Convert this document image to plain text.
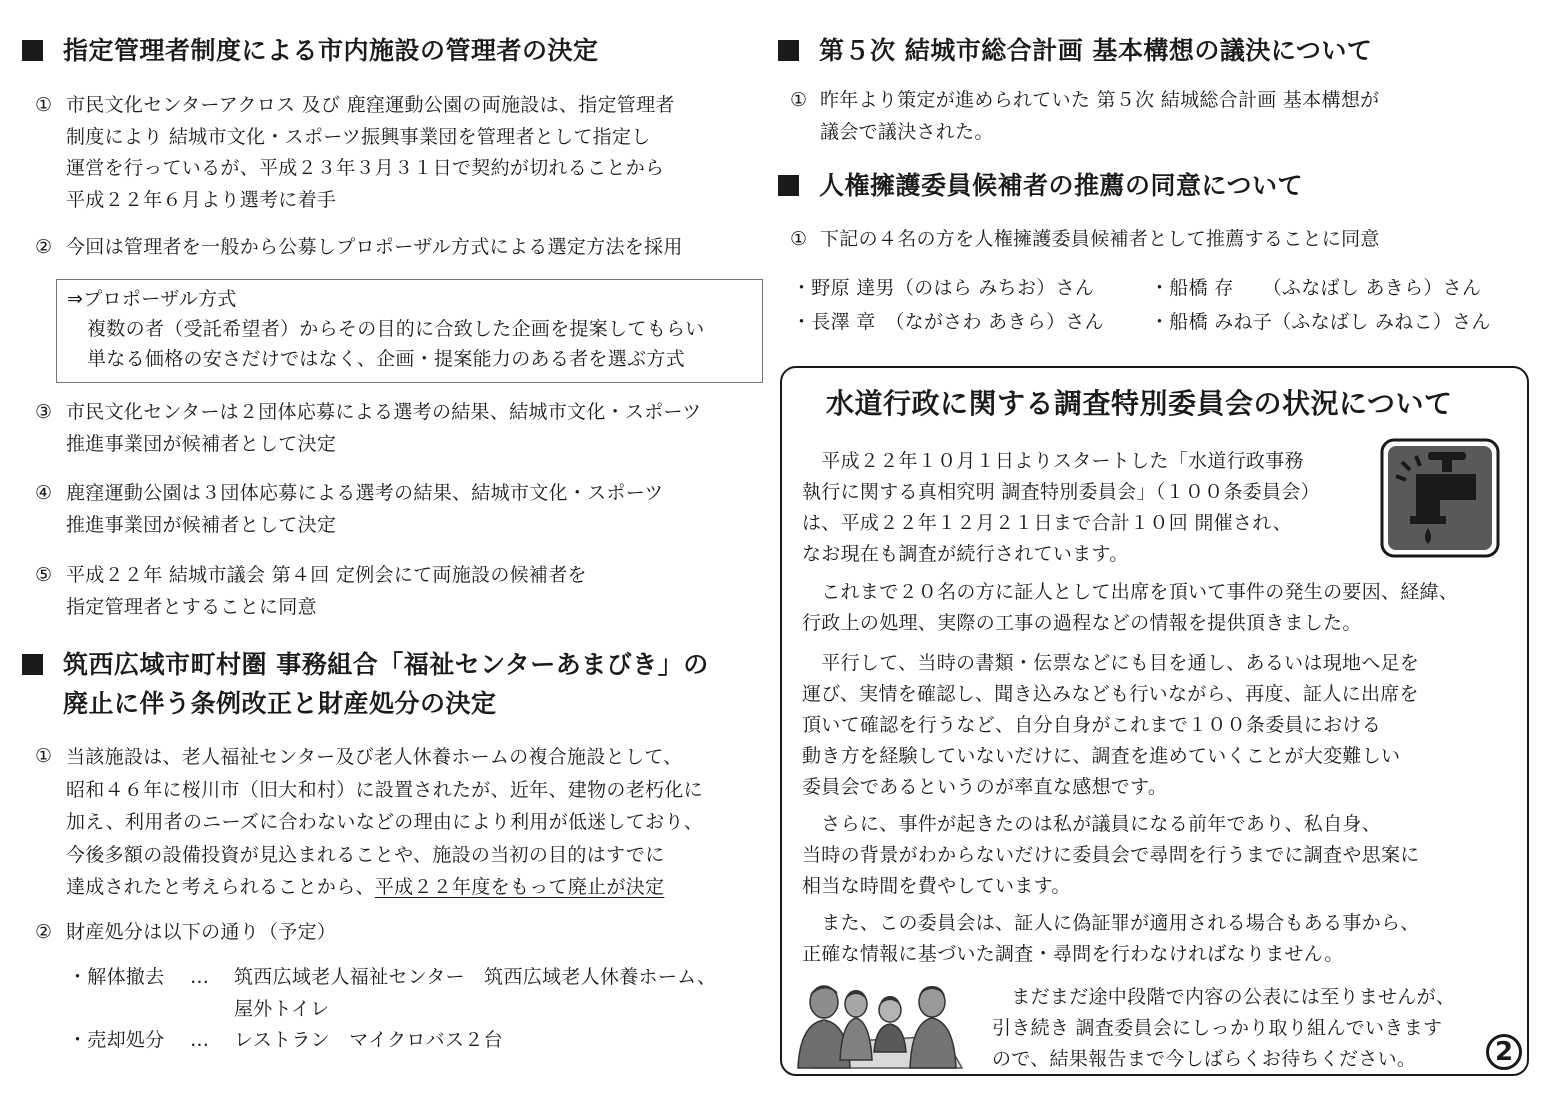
指定管理者制度による市内施設の管理者の決定
① 市民文化センターアクロス 及び 鹿窪運動公園の両施設は、指定管理者
制度により 結城市文化・スポーツ振興事業団を管理者として指定し
運営を行っているが、平成２３年３月３１日で契約が切れることから
平成２２年６月より選考に着手
② 今回は管理者を一般から公募しプロポーザル方式による選定方法を採用
⇒プロポーザル方式
複数の者（受託希望者）からその目的に合致した企画を提案してもらい
単なる価格の安さだけではなく、企画・提案能力のある者を選ぶ方式
③ 市民文化センターは２団体応募による選考の結果、結城市文化・スポーツ
推進事業団が候補者として決定
④ 鹿窪運動公園は３団体応募による選考の結果、結城市文化・スポーツ
推進事業団が候補者として決定
⑤ 平成２２年 結城市議会 第４回 定例会にて両施設の候補者を
指定管理者とすることに同意
筑西広域市町村圏 事務組合「福祉センターあまびき」の
廃止に伴う条例改正と財産処分の決定
① 当該施設は、老人福祉センター及び老人休養ホームの複合施設として、
昭和４６年に桜川市（旧大和村）に設置されたが、近年、建物の老朽化に
加え、利用者のニーズに合わないなどの理由により利用が低迷しており、
今後多額の設備投資が見込まれることや、施設の当初の目的はすでに
達成されたと考えられることから、平成２２年度をもって廃止が決定
② 財産処分は以下の通り（予定）
・解体撤去 … 筑西広域老人福祉センター　筑西広域老人休養ホーム、
屋外トイレ
・売却処分 … レストラン　マイクロバス２台
第５次 結城市総合計画 基本構想の議決について
① 昨年より策定が進められていた 第５次 結城総合計画 基本構想が
議会で議決された。
人権擁護委員候補者の推薦の同意について
① 下記の４名の方を人権擁護委員候補者として推薦することに同意
・野原 達男（のはら みちお）さん	・船橋 存　　（ふなばし あきら）さん
・長澤 章　（ながさわ あきら）さん ・船橋 みね子（ふなばし みねこ）さん
水道行政に関する調査特別委員会の状況について
　平成２２年１０月１日よりスタートした「水道行政事務
執行に関する真相究明 調査特別委員会」（１００条委員会）
は、平成２２年１２月２１日まで合計１０回 開催され、
なお現在も調査が続行されています。
　これまで２０名の方に証人として出席を頂いて事件の発生の要因、経緯、
行政上の処理、実際の工事の過程などの情報を提供頂きました。
　平行して、当時の書類・伝票などにも目を通し、あるいは現地へ足を
運び、実情を確認し、聞き込みなども行いながら、再度、証人に出席を
頂いて確認を行うなど、自分自身がこれまで１００条委員における
動き方を経験していないだけに、調査を進めていくことが大変難しい
委員会であるというのが率直な感想です。
　さらに、事件が起きたのは私が議員になる前年であり、私自身、
当時の背景がわからないだけに委員会で尋問を行うまでに調査や思案に
相当な時間を費やしています。
　また、この委員会は、証人に偽証罪が適用される場合もある事から、
正確な情報に基づいた調査・尋問を行わなければなりません。
　まだまだ途中段階で内容の公表には至りませんが、
引き続き 調査委員会にしっかり取り組んでいきます
ので、結果報告まで今しばらくお待ちください。	2
